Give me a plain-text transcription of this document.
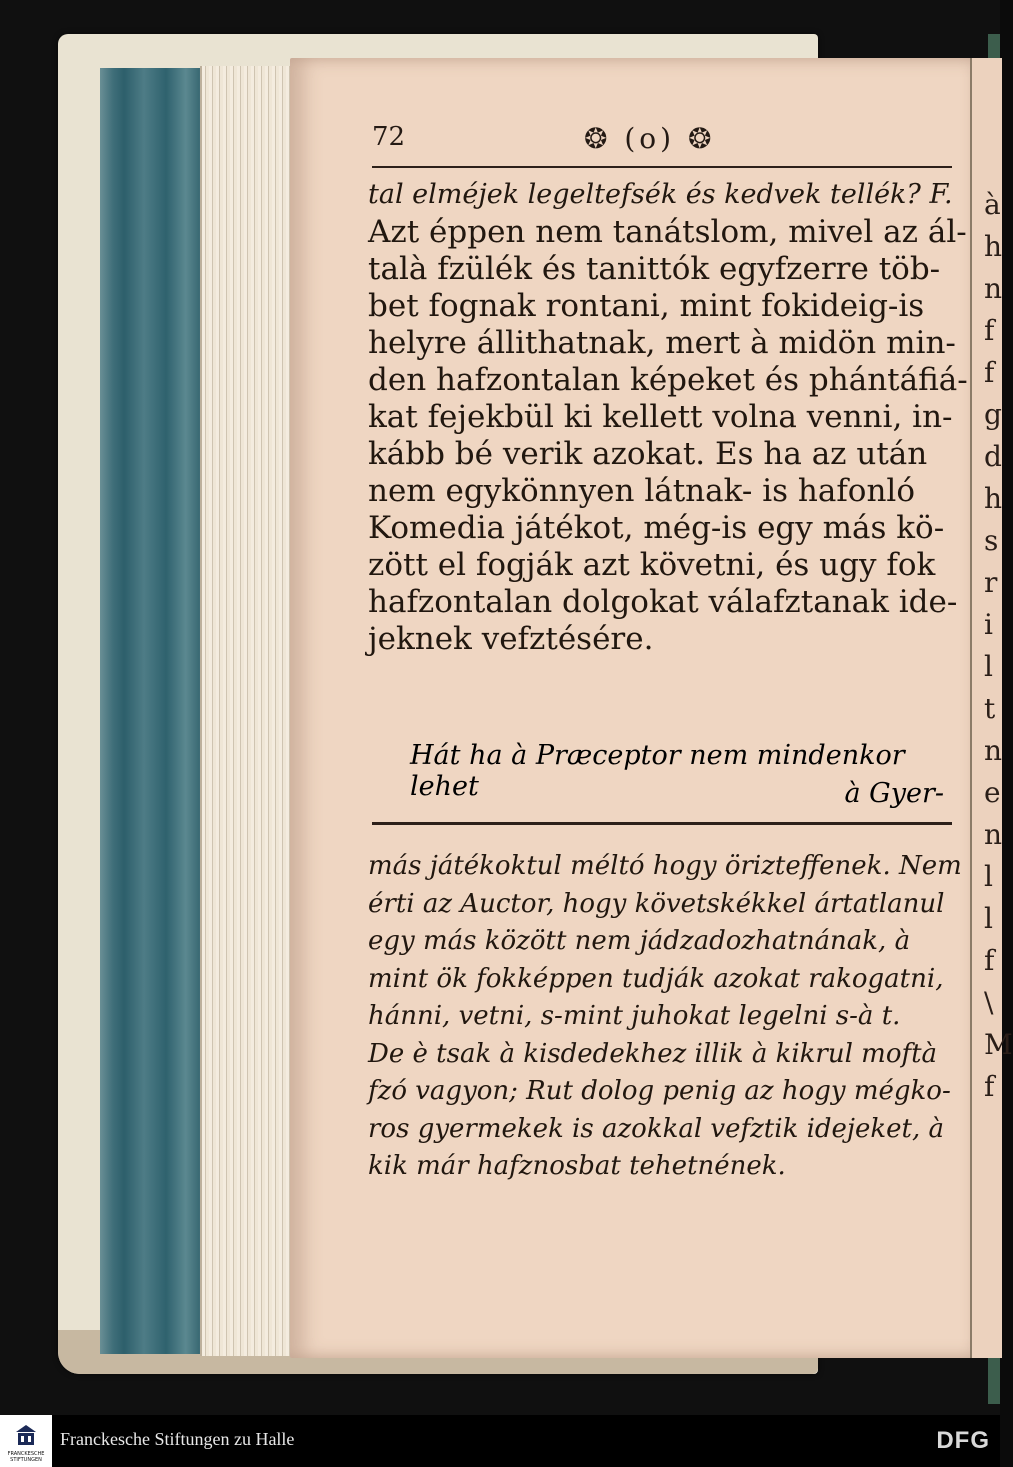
à
h
n
f
f
g
d
h
s
r
i
l
t
n
e
n
l
l
f
\
M
f
72	❂ (o) ❂
tal elméjek legeltefsék és kedvek tellék? F.
Azt éppen nem tanátslom, mivel az ál-
talà fzülék és tanittók egyfzerre töb-
bet fognak rontani, mint fokideig-is
helyre állithatnak, mert à midön min-
den hafzontalan képeket és phántáfiá-
kat fejekbül ki kellett volna venni, in-
kább bé verik azokat. Es ha az után
nem egykönnyen látnak- is hafonló
Komedia játékot, még-is egy más kö-
zött el fogják azt követni, és ugy fok
hafzontalan dolgokat válafztanak ide-
jeknek vefztésére.
Hát ha à Præceptor nem mindenkor lehet	à Gyer-
más játékoktul méltó hogy örizteffenek. Nem
érti az Auctor, hogy követskékkel ártatlanul
egy más között nem jádzadozhatnának, à
mint ök fokképpen tudják azokat rakogatni,
hánni, vetni, s-mint juhokat legelni s-à t.
De è tsak à kisdedekhez illik à kikrul moftà
fzó vagyon; Rut dolog penig az hogy mégko-
ros gyermekek is azokkal vefztik idejeket, à
kik már hafznosbat tehetnének.
FRANCKESCHE STIFTUNGEN
Franckesche Stiftungen zu Halle	DFG
